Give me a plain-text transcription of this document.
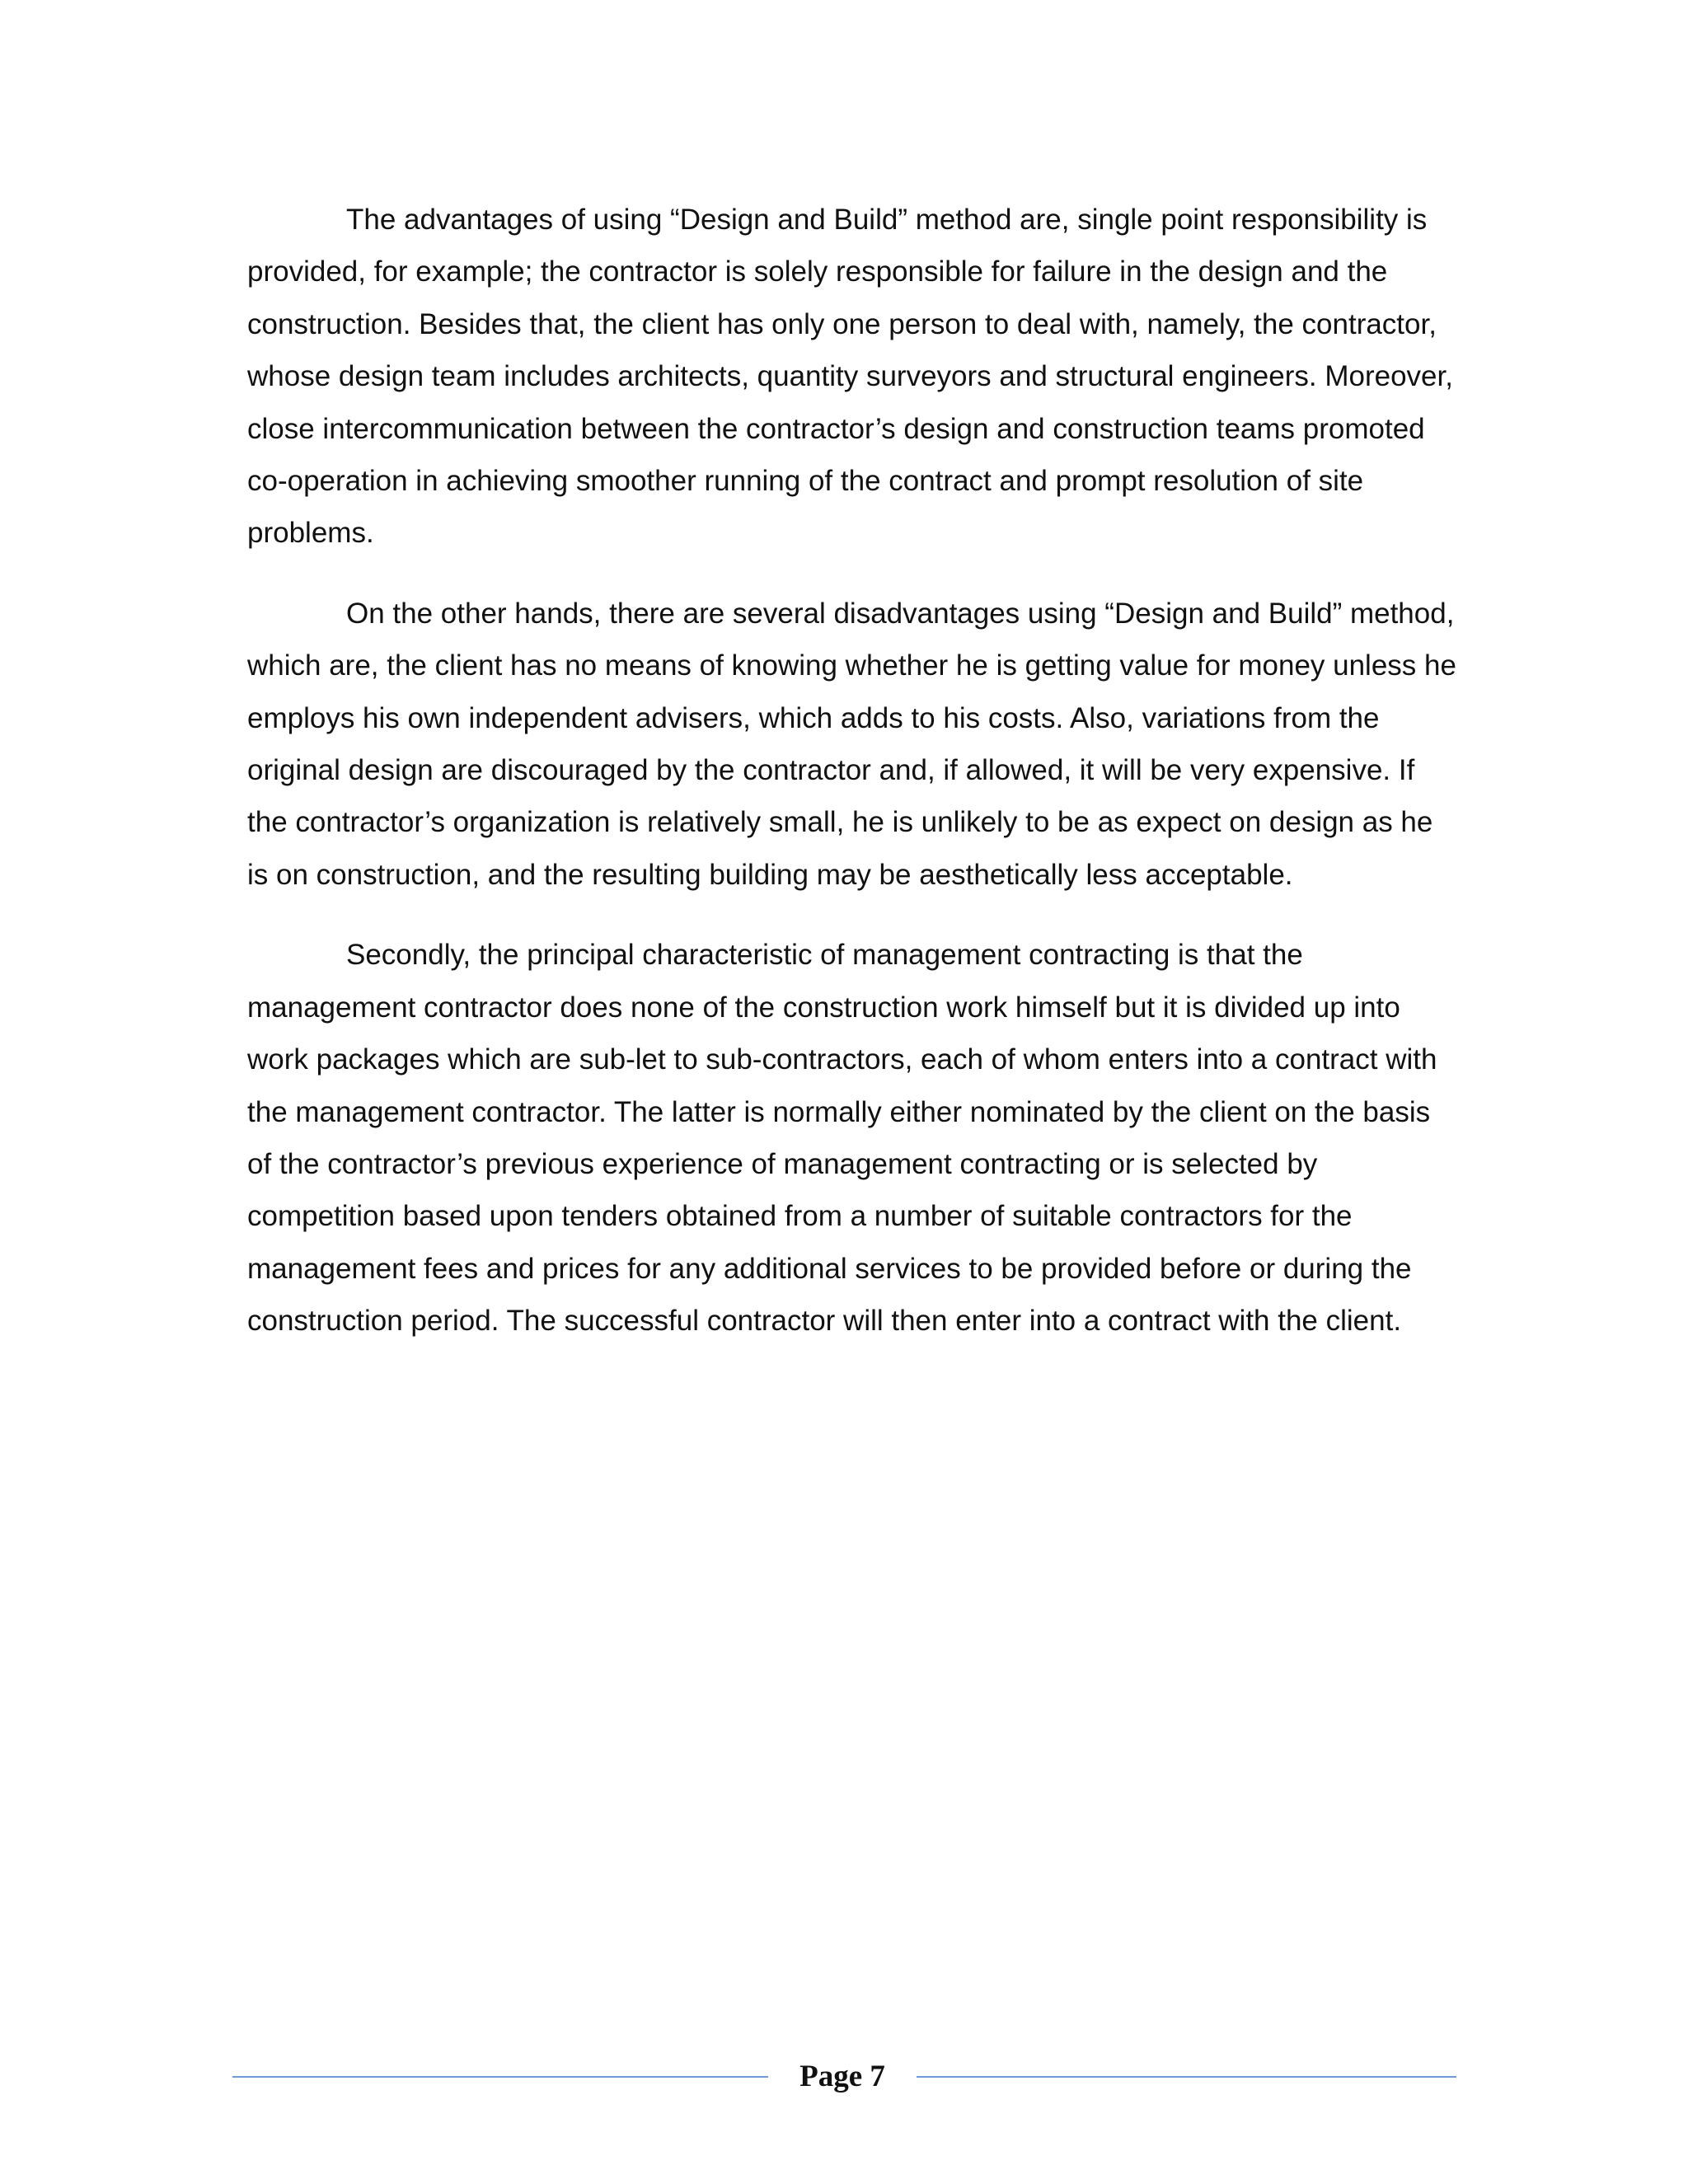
The advantages of using “Design and Build” method are, single point responsibility is provided, for example; the contractor is solely responsible for failure in the design and the construction. Besides that, the client has only one person to deal with, namely, the contractor, whose design team includes architects, quantity surveyors and structural engineers. Moreover, close intercommunication between the contractor’s design and construction teams promoted co-operation in achieving smoother running of the contract and prompt resolution of site problems.

On the other hands, there are several disadvantages using “Design and Build” method, which are, the client has no means of knowing whether he is getting value for money unless he employs his own independent advisers, which adds to his costs. Also, variations from the original design are discouraged by the contractor and, if allowed, it will be very expensive. If the contractor’s organization is relatively small, he is unlikely to be as expect on design as he is on construction, and the resulting building may be aesthetically less acceptable.

Secondly, the principal characteristic of management contracting is that the management contractor does none of the construction work himself but it is divided up into work packages which are sub-let to sub-contractors, each of whom enters into a contract with the management contractor. The latter is normally either nominated by the client on the basis of the contractor’s previous experience of management contracting or is selected by competition based upon tenders obtained from a number of suitable contractors for the management fees and prices for any additional services to be provided before or during the construction period. The successful contractor will then enter into a contract with the client.

Page 7
